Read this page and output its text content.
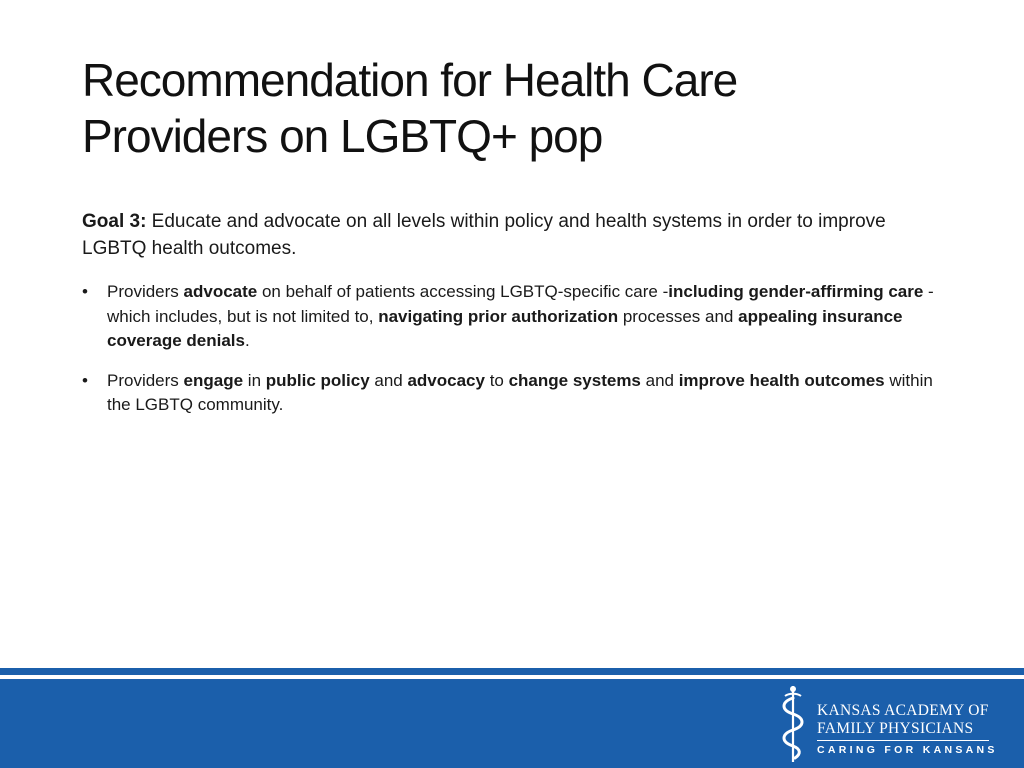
Recommendation for Health Care
Providers on LGBTQ+ pop
Goal 3: Educate and advocate on all levels within policy and health systems in order to improve LGBTQ health outcomes.
• Providers advocate on behalf of patients accessing LGBTQ-specific care -including gender-affirming care - which includes, but is not limited to, navigating prior authorization processes and appealing insurance coverage denials.
• Providers engage in public policy and advocacy to change systems and improve health outcomes within the LGBTQ community.
KANSAS ACADEMY OF
FAMILY PHYSICIANS
CARING FOR KANSANS
